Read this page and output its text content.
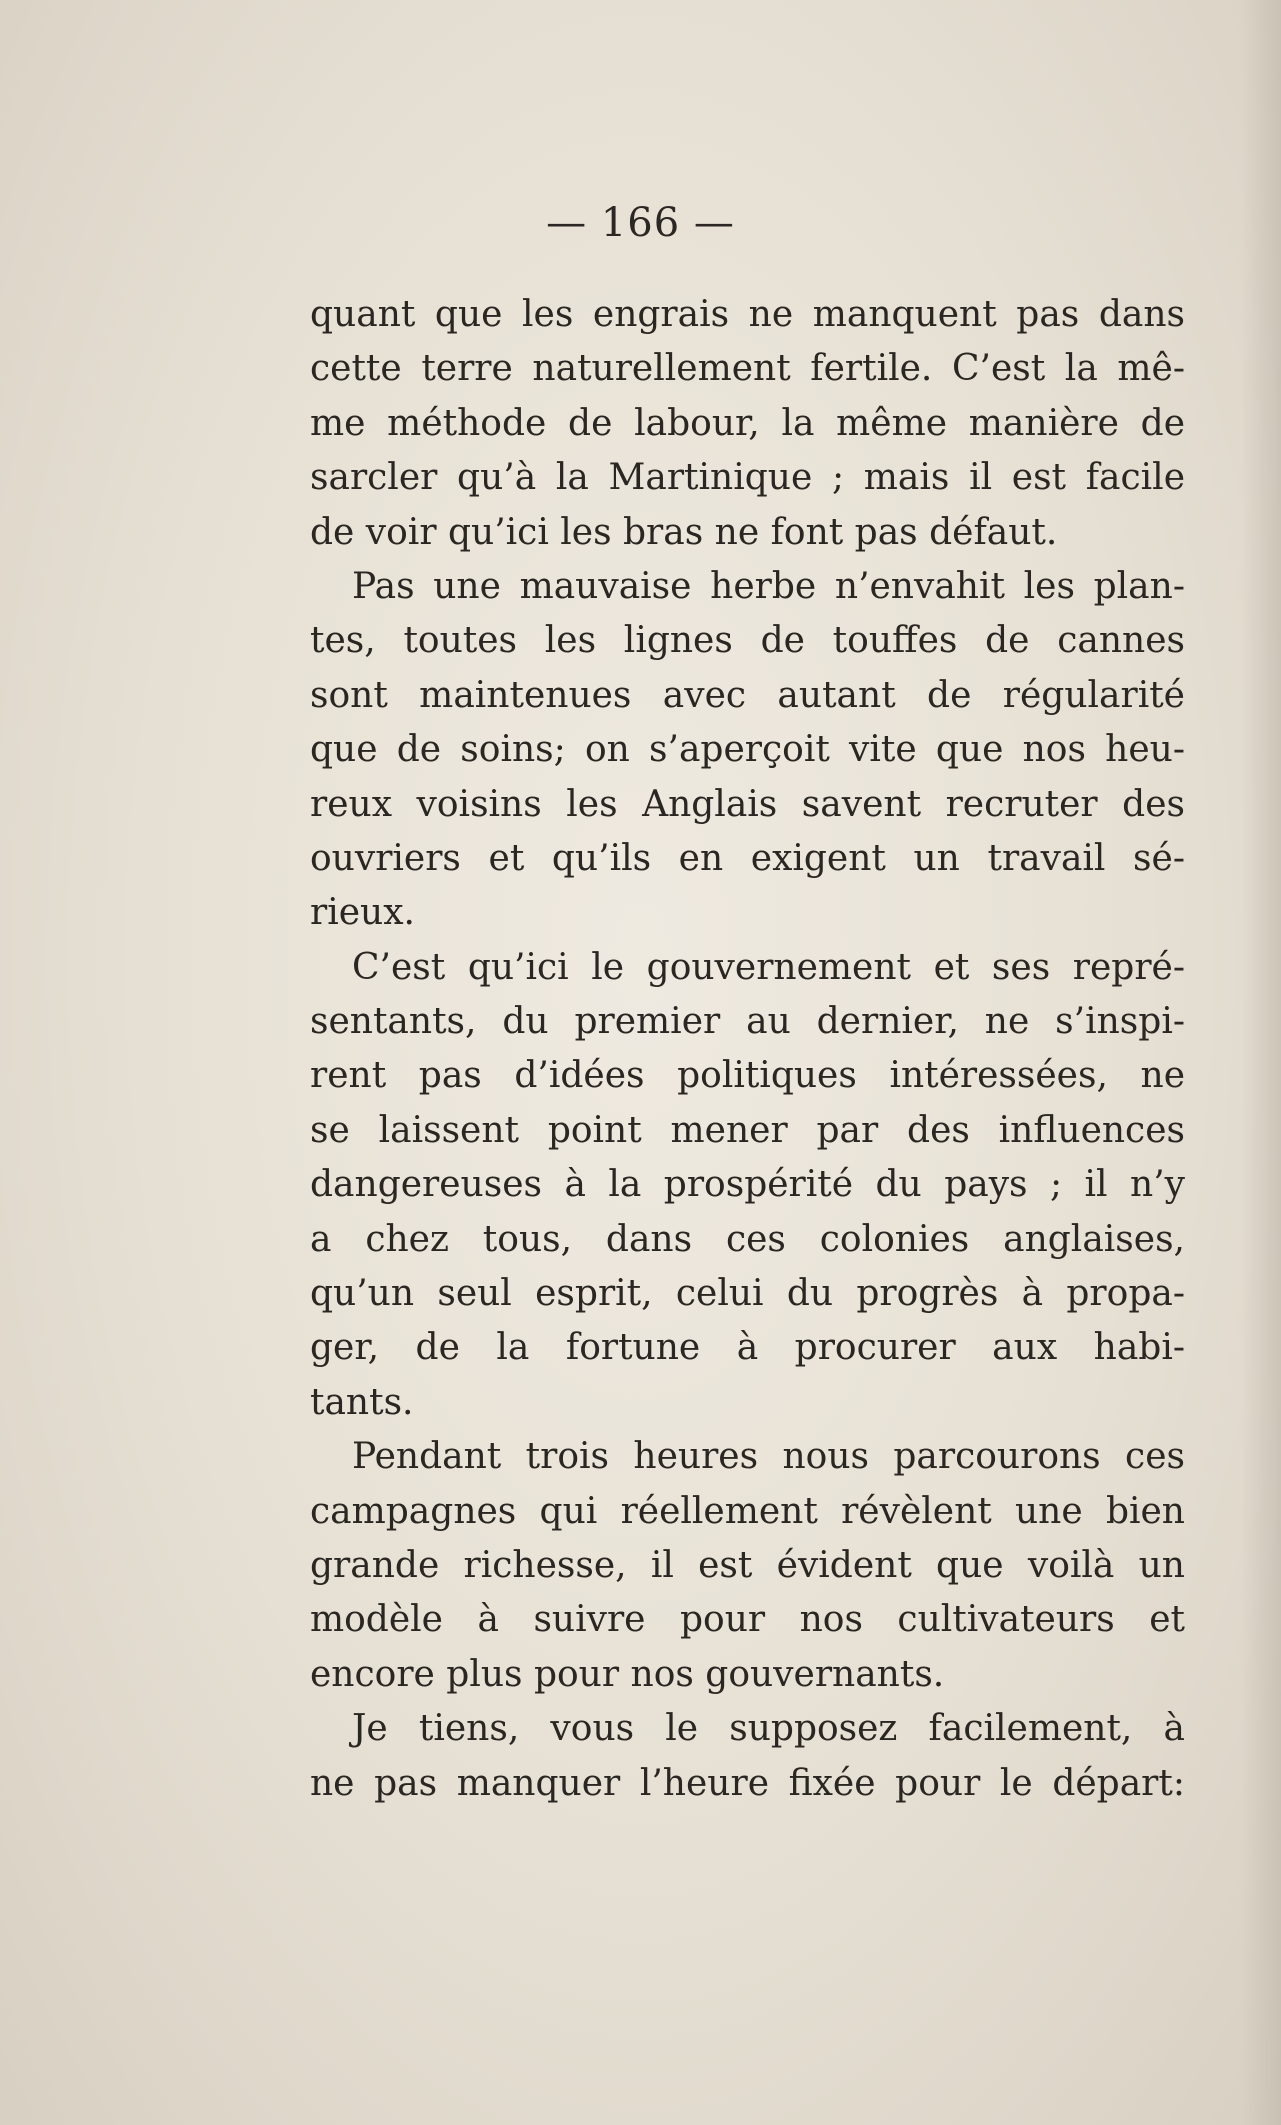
— 166 —
quant que les engrais ne manquent pas dans
cette terre naturellement fertile. C’est la mê-
me méthode de labour, la même manière de
sarcler qu’à la Martinique ; mais il est facile
de voir qu’ici les bras ne font pas défaut.
Pas une mauvaise herbe n’envahit les plan-
tes, toutes les lignes de touffes de cannes
sont maintenues avec autant de régularité
que de soins; on s’aperçoit vite que nos heu-
reux voisins les Anglais savent recruter des
ouvriers et qu’ils en exigent un travail sé-
rieux.
C’est qu’ici le gouvernement et ses repré-
sentants, du premier au dernier, ne s’inspi-
rent pas d’idées politiques intéressées, ne
se laissent point mener par des influences
dangereuses à la prospérité du pays ; il n’y
a chez tous, dans ces colonies anglaises,
qu’un seul esprit, celui du progrès à propa-
ger, de la fortune à procurer aux habi-
tants.
Pendant trois heures nous parcourons ces
campagnes qui réellement révèlent une bien
grande richesse, il est évident que voilà un
modèle à suivre pour nos cultivateurs et
encore plus pour nos gouvernants.
Je tiens, vous le supposez facilement, à
ne pas manquer l’heure fixée pour le départ:
